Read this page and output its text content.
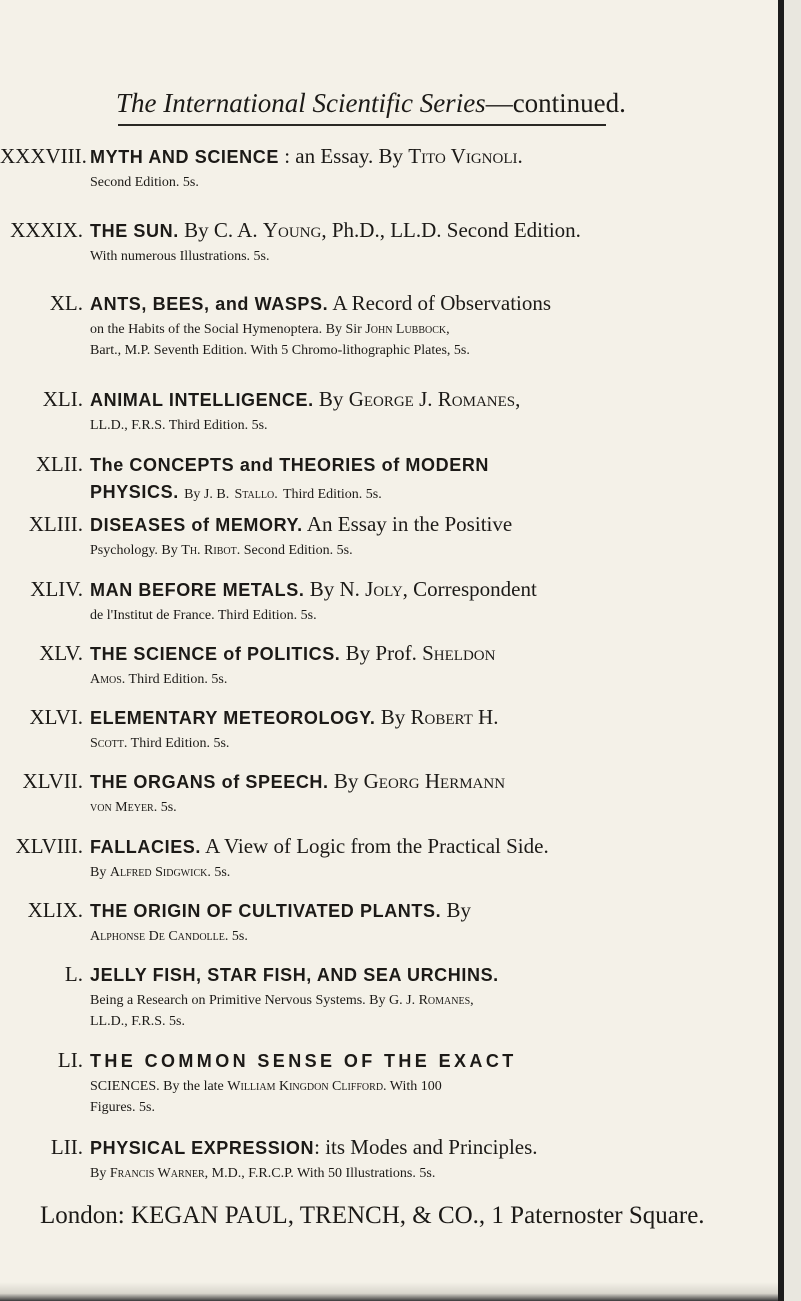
The International Scientific Series—continued.
XXXVIII. MYTH AND SCIENCE : an Essay. By Tito Vignoli.
Second Edition. 5s.
XXXIX. THE SUN. By C. A. Young, Ph.D., LL.D. Second Edition.
With numerous Illustrations. 5s.
XL. ANTS, BEES, and WASPS. A Record of Observations
on the Habits of the Social Hymenoptera. By Sir John Lubbock,
Bart., M.P. Seventh Edition. With 5 Chromo-lithographic Plates, 5s.
XLI. ANIMAL INTELLIGENCE. By George J. Romanes,
LL.D., F.R.S. Third Edition. 5s.
XLII. The CONCEPTS and THEORIES of MODERN
PHYSICS. By J. B. Stallo. Third Edition. 5s.
XLIII. DISEASES of MEMORY. An Essay in the Positive
Psychology. By Th. Ribot. Second Edition. 5s.
XLIV. MAN BEFORE METALS. By N. Joly, Correspondent
de l'Institut de France. Third Edition. 5s.
XLV. THE SCIENCE of POLITICS. By Prof. Sheldon
Amos. Third Edition. 5s.
XLVI. ELEMENTARY METEOROLOGY. By Robert H.
Scott. Third Edition. 5s.
XLVII. THE ORGANS of SPEECH. By Georg Hermann
von Meyer. 5s.
XLVIII. FALLACIES. A View of Logic from the Practical Side.
By Alfred Sidgwick. 5s.
XLIX. THE ORIGIN OF CULTIVATED PLANTS. By
Alphonse De Candolle. 5s.
L. JELLY FISH, STAR FISH, AND SEA URCHINS.
Being a Research on Primitive Nervous Systems. By G. J. Romanes,
LL.D., F.R.S. 5s.
LI. THE COMMON SENSE OF THE EXACT
SCIENCES. By the late William Kingdon Clifford. With 100
Figures. 5s.
LII. PHYSICAL EXPRESSION: its Modes and Principles.
By Francis Warner, M.D., F.R.C.P. With 50 Illustrations. 5s.
London: KEGAN PAUL, TRENCH, & CO., 1 Paternoster Square.
